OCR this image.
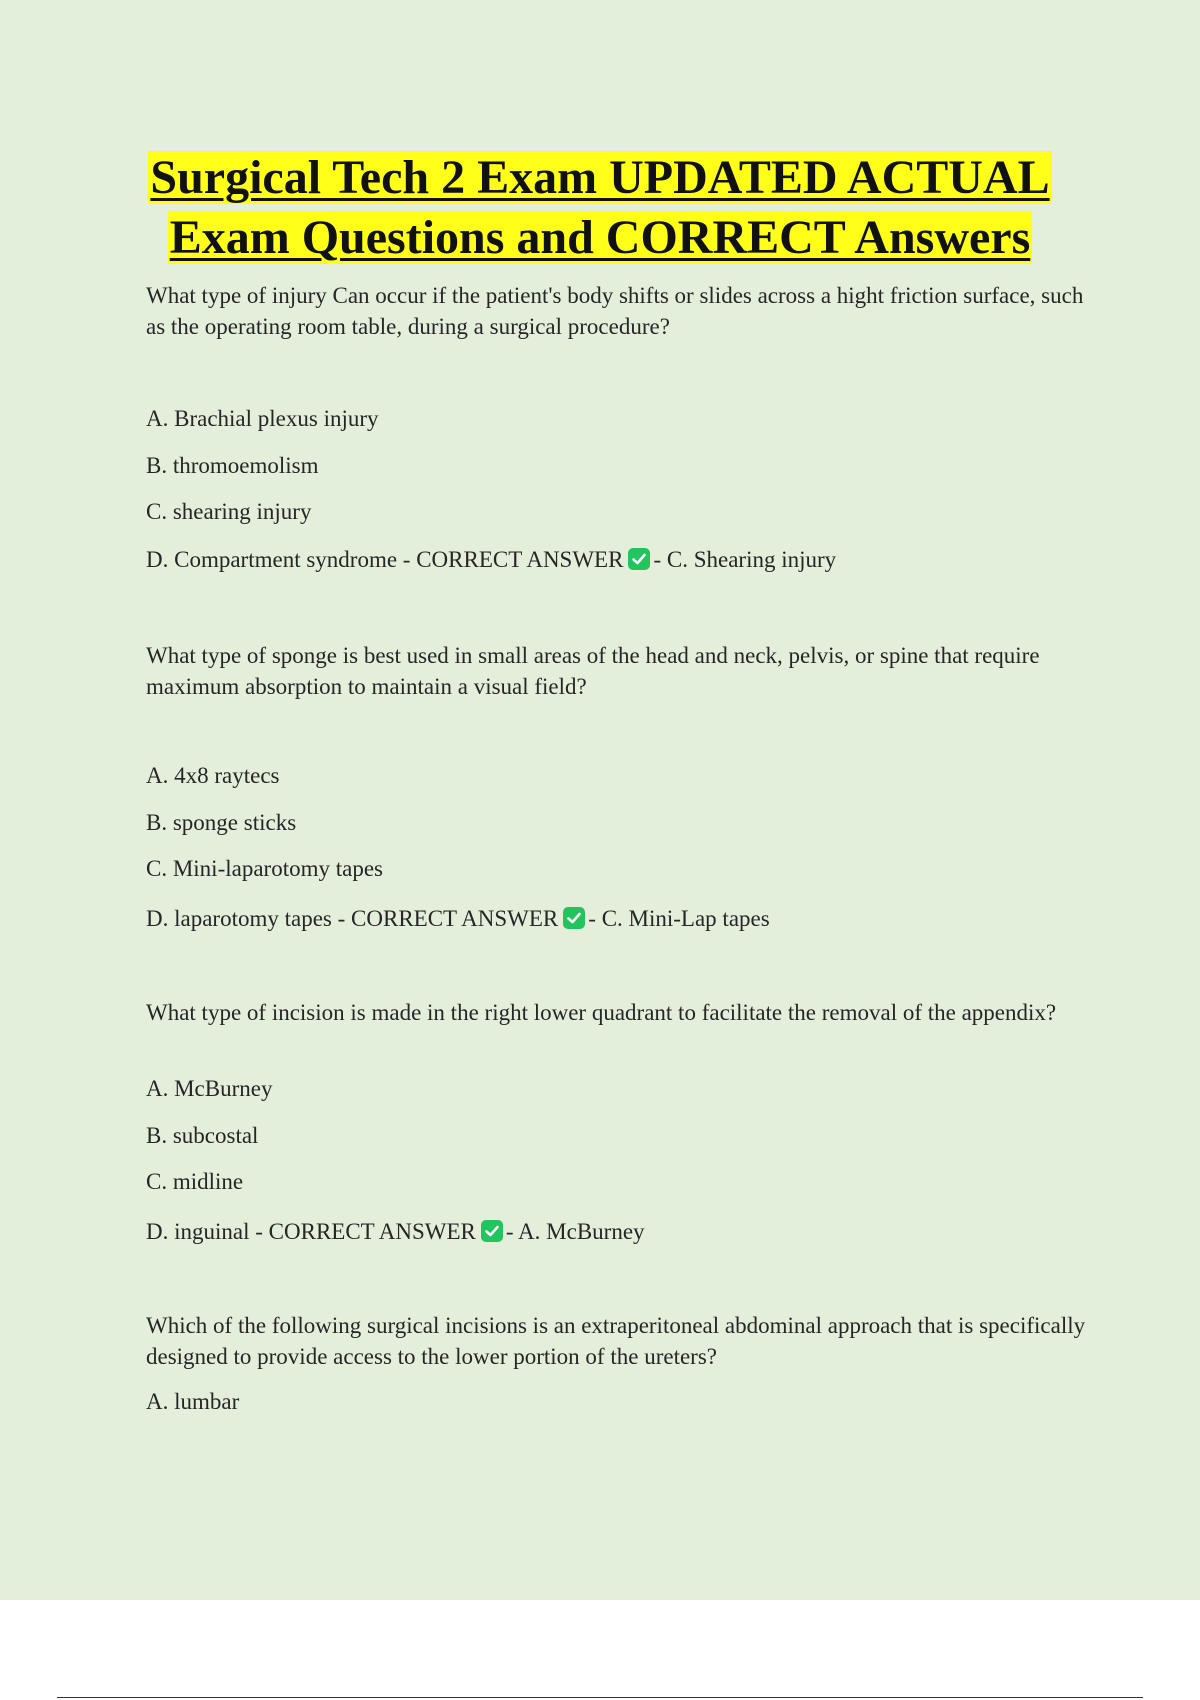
Surgical Tech 2 Exam UPDATED ACTUAL
Exam Questions and CORRECT Answers
What type of injury Can occur if the patient's body shifts or slides across a hight friction surface, such as the operating room table, during a surgical procedure?
A. Brachial plexus injury
B. thromoemolism
C. shearing injury
D. Compartment syndrome - CORRECT ANSWER - C. Shearing injury
What type of sponge is best used in small areas of the head and neck, pelvis, or spine that require maximum absorption to maintain a visual field?
A. 4x8 raytecs
B. sponge sticks
C. Mini-laparotomy tapes
D. laparotomy tapes - CORRECT ANSWER - C. Mini-Lap tapes
What type of incision is made in the right lower quadrant to facilitate the removal of the appendix?
A. McBurney
B. subcostal
C. midline
D. inguinal - CORRECT ANSWER - A. McBurney
Which of the following surgical incisions is an extraperitoneal abdominal approach that is specifically designed to provide access to the lower portion of the ureters?
A. lumbar
